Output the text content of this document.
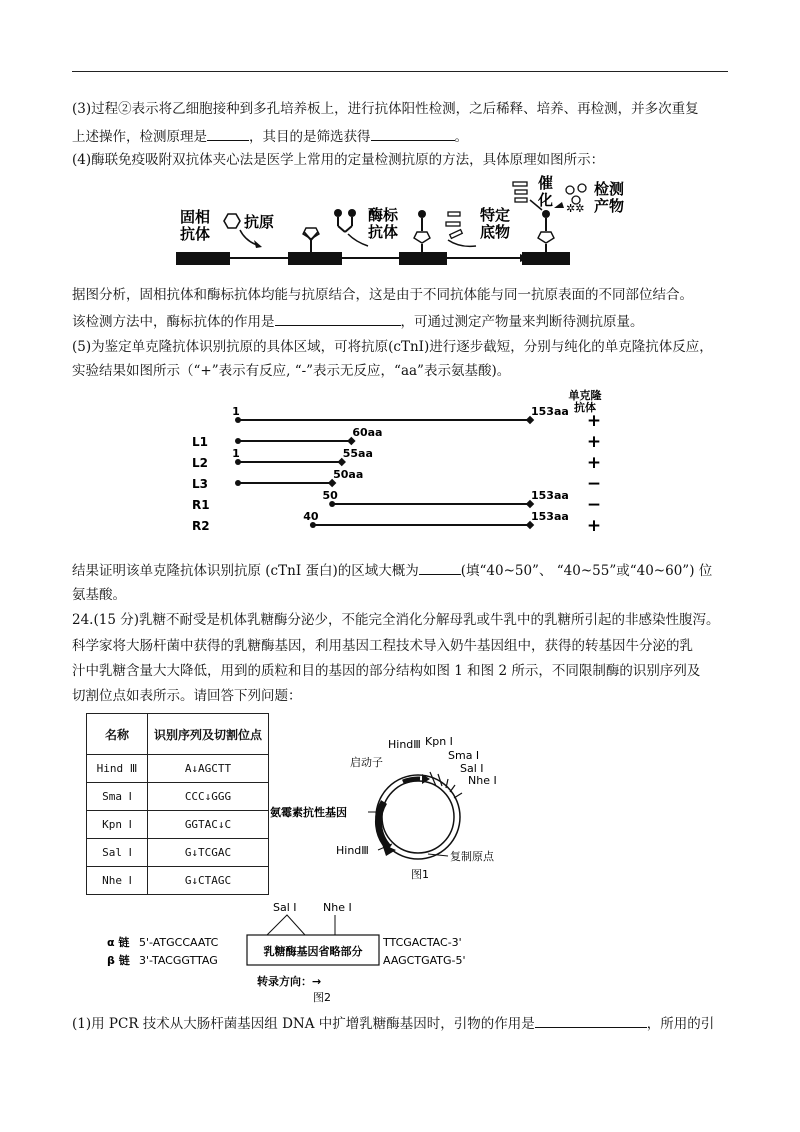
(3)过程②表示将乙细胞接种到多孔培养板上，进行抗体阳性检测，之后稀释、培养、再检测，并多次重复
上述操作，检测原理是	，其目的是筛选获得	。
(4)酶联免疫吸附双抗体夹心法是医学上常用的定量检测抗原的方法，具体原理如图所示：
固相
抗体
抗原	酶标
抗体
特定
底物
催
化 ✲✲
检测
产物
据图分析，固相抗体和酶标抗体均能与抗原结合，这是由于不同抗体能与同一抗原表面的不同部位结合。
该检测方法中，酶标抗体的作用是	，可通过测定产物量来判断待测抗原量。
(5)为鉴定单克隆抗体识别抗原的具体区域，可将抗原(cTnI)进行逐步截短，分别与纯化的单克隆抗体反应，
实验结果如图所示（“+”表示有反应, “-”表示无反应，“aa”表示氨基酸)。
单克隆
抗体
1	153aa +
L1
60aa	+
L2
1	55aa	+
L3
50aa	−
R1
50	153aa −
R2
40	153aa +
结果证明该单克隆抗体识别抗原 (cTnI 蛋白)的区域大概为	(填“40~50”、 “40~55”或“40~60”) 位
氨基酸。
24.(15 分)乳糖不耐受是机体乳糖酶分泌少，不能完全消化分解母乳或牛乳中的乳糖所引起的非感染性腹泻。
科学家将大肠杆菌中获得的乳糖酶基因，利用基因工程技术导入奶牛基因组中，获得的转基因牛分泌的乳
汁中乳糖含量大大降低，用到的质粒和目的基因的部分结构如图 1 和图 2 所示，不同限制酶的识别序列及
切割位点如表所示。请回答下列问题：
名称	识别序列及切割位点
Hind Ⅲ	A↓AGCTT
Sma Ⅰ	CCC↓GGG
Kpn Ⅰ	GGTAC↓C
Sal Ⅰ	G↓TCGAC
Nhe Ⅰ	G↓CTAGC
启动子
HindⅢ Kpn Ⅰ
Sma Ⅰ
Sal Ⅰ
Nhe Ⅰ
氨霉素抗性基因
HindⅢ	复制原点
图1
Sal Ⅰ Nhe Ⅰ
α 链
β 链
5'-ATGCCAATC
3'-TACGGTTAG
乳糖酶基因省略部分
TTCGACTAC-3'
AAGCTGATG-5'
转录方向：→
图2
(1)用 PCR 技术从大肠杆菌基因组 DNA 中扩增乳糖酶基因时，引物的作用是	，所用的引
